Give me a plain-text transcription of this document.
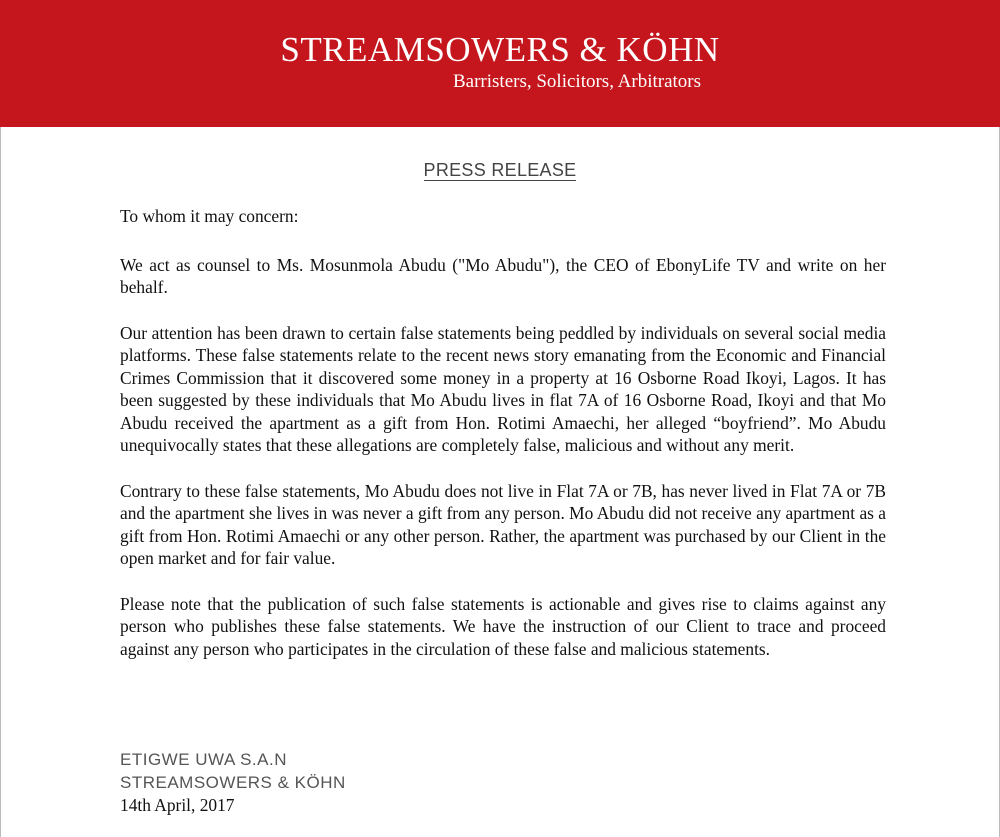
STREAMSOWERS & KÖHN
Barristers, Solicitors, Arbitrators
PRESS RELEASE

To whom it may concern:

We act as counsel to Ms. Mosunmola Abudu ("Mo Abudu"), the CEO of EbonyLife TV and write on her behalf.

Our attention has been drawn to certain false statements being peddled by individuals on several social media platforms. These false statements relate to the recent news story emanating from the Economic and Financial Crimes Commission that it discovered some money in a property at 16 Osborne Road Ikoyi, Lagos. It has been suggested by these individuals that Mo Abudu lives in flat 7A of 16 Osborne Road, Ikoyi and that Mo Abudu received the apartment as a gift from Hon. Rotimi Amaechi, her alleged “boyfriend”. Mo Abudu unequivocally states that these allegations are completely false, malicious and without any merit.

Contrary to these false statements, Mo Abudu does not live in Flat 7A or 7B, has never lived in Flat 7A or 7B and the apartment she lives in was never a gift from any person. Mo Abudu did not receive any apartment as a gift from Hon. Rotimi Amaechi or any other person. Rather, the apartment was purchased by our Client in the open market and for fair value.

Please note that the publication of such false statements is actionable and gives rise to claims against any person who publishes these false statements. We have the instruction of our Client to trace and proceed against any person who participates in the circulation of these false and malicious statements.

ETIGWE UWA S.A.N
STREAMSOWERS & KÖHN
14th April, 2017
